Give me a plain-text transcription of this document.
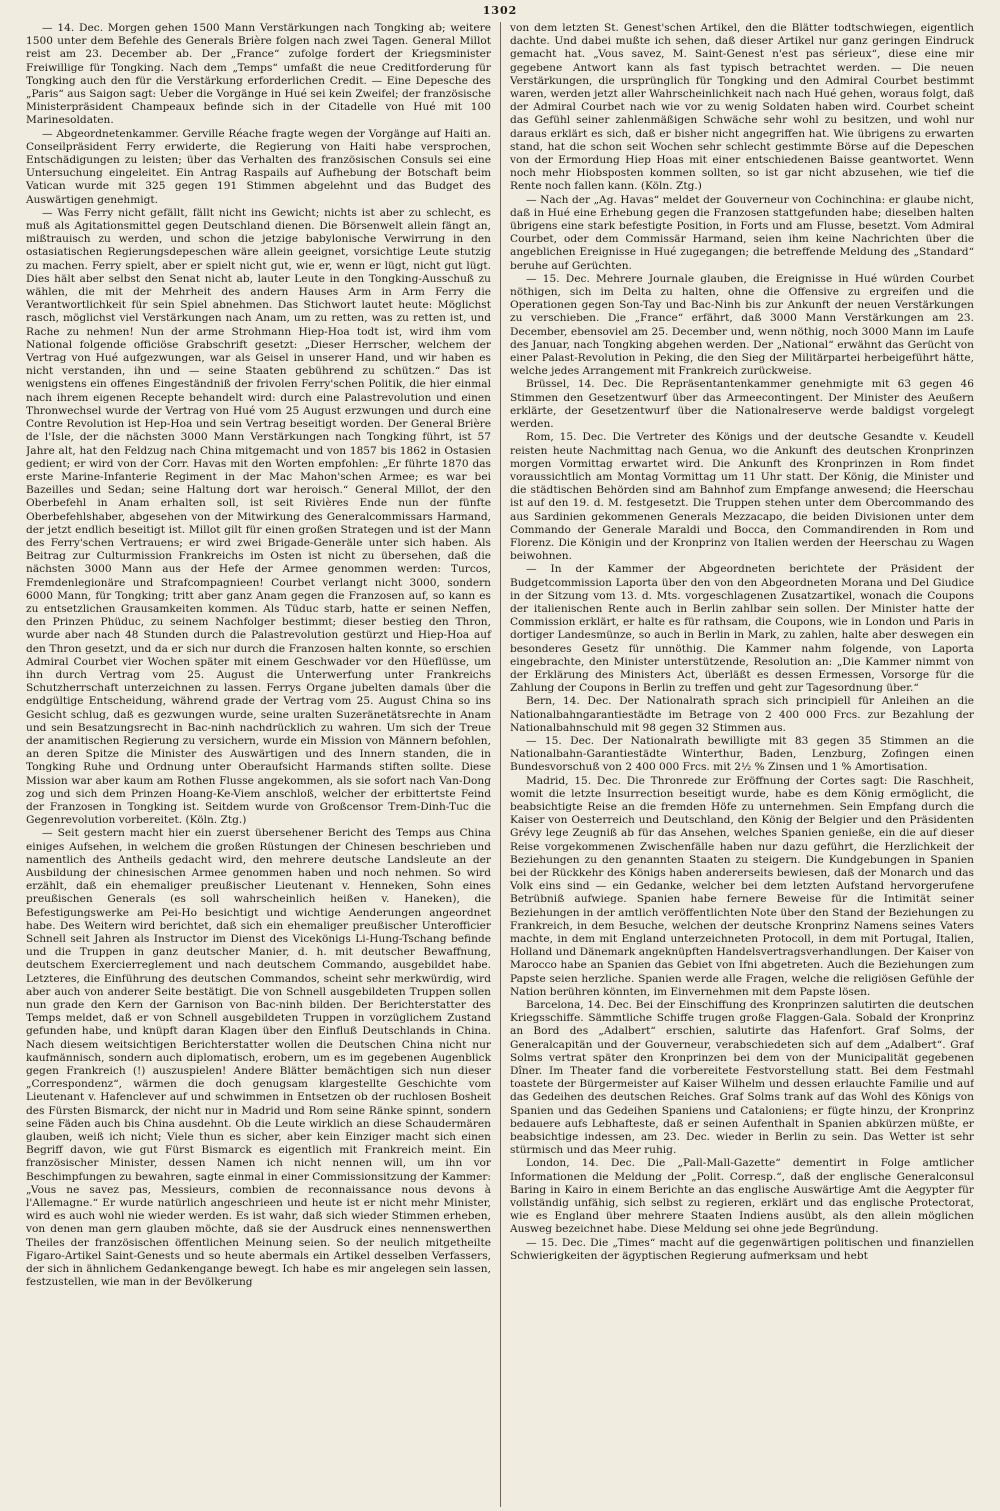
1302

— 14. Dec. Morgen gehen 1500 Mann Verstärkungen nach Tongking ab; weitere 1500 unter dem Befehle des Generals Brière folgen nach zwei Tagen. General Millot reist am 23. December ab. Der „France“ zufolge fordert der Kriegsminister Freiwillige für Tongking. Nach dem „Temps“ umfaßt die neue Creditforderung für Tongking auch den für die Verstärkung erforderlichen Credit. — Eine Depesche des „Paris“ aus Saigon sagt: Ueber die Vorgänge in Hué sei kein Zweifel; der französische Ministerpräsident Champeaux befinde sich in der Citadelle von Hué mit 100 Marinesoldaten.

— Abgeordnetenkammer. Gerville Réache fragte wegen der Vorgänge auf Haiti an. Conseilpräsident Ferry erwiderte, die Regierung von Haiti habe versprochen, Entschädigungen zu leisten; über das Verhalten des französischen Consuls sei eine Untersuchung eingeleitet. Ein Antrag Raspails auf Aufhebung der Botschaft beim Vatican wurde mit 325 gegen 191 Stimmen abgelehnt und das Budget des Auswärtigen genehmigt.

— Was Ferry nicht gefällt, fällt nicht ins Gewicht; nichts ist aber zu schlecht, es muß als Agitationsmittel gegen Deutschland dienen. Die Börsenwelt allein fängt an, mißtrauisch zu werden, und schon die jetzige babylonische Verwirrung in den ostasiatischen Regierungsdepeschen wäre allein geeignet, vorsichtige Leute stutzig zu machen. Ferry spielt, aber er spielt nicht gut, wie er, wenn er lügt, nicht gut lügt. Dies hält aber selbst den Senat nicht ab, lauter Leute in den Tongking-Ausschuß zu wählen, die mit der Mehrheit des andern Hauses Arm in Arm Ferry die Verantwortlichkeit für sein Spiel abnehmen. Das Stichwort lautet heute: Möglichst rasch, möglichst viel Verstärkungen nach Anam, um zu retten, was zu retten ist, und Rache zu nehmen! Nun der arme Strohmann Hiep-Hoa todt ist, wird ihm vom National folgende officiöse Grabschrift gesetzt: „Dieser Herrscher, welchem der Vertrag von Hué aufgezwungen, war als Geisel in unserer Hand, und wir haben es nicht verstanden, ihn und — seine Staaten gebührend zu schützen.“ Das ist wenigstens ein offenes Eingeständniß der frivolen Ferry'schen Politik, die hier einmal nach ihrem eigenen Recepte behandelt wird: durch eine Palastrevolution und einen Thronwechsel wurde der Vertrag von Hué vom 25 August erzwungen und durch eine Contre Revolution ist Hep-Hoa und sein Vertrag beseitigt worden. Der General Brière de l'Isle, der die nächsten 3000 Mann Verstärkungen nach Tongking führt, ist 57 Jahre alt, hat den Feldzug nach China mitgemacht und von 1857 bis 1862 in Ostasien gedient; er wird von der Corr. Havas mit den Worten empfohlen: „Er führte 1870 das erste Marine-Infanterie Regiment in der Mac Mahon'schen Armee; es war bei Bazeilles und Sedan; seine Haltung dort war heroisch.“ General Millot, der den Oberbefehl in Anam erhalten soll, ist seit Rivières Ende nun der fünfte Oberbefehlshaber, abgesehen von der Mitwirkung des Generalcommissars Harmand, der jetzt endlich beseitigt ist. Millot gilt für einen großen Strategen und ist der Mann des Ferry'schen Vertrauens; er wird zwei Brigade-Generäle unter sich haben. Als Beitrag zur Culturmission Frankreichs im Osten ist nicht zu übersehen, daß die nächsten 3000 Mann aus der Hefe der Armee genommen werden: Turcos, Fremdenlegionäre und Strafcompagnieen! Courbet verlangt nicht 3000, sondern 6000 Mann, für Tongking; tritt aber ganz Anam gegen die Franzosen auf, so kann es zu entsetzlichen Grausamkeiten kommen. Als Tüduc starb, hatte er seinen Neffen, den Prinzen Phüduc, zu seinem Nachfolger bestimmt; dieser bestieg den Thron, wurde aber nach 48 Stunden durch die Palastrevolution gestürzt und Hiep-Hoa auf den Thron gesetzt, und da er sich nur durch die Franzosen halten konnte, so erschien Admiral Courbet vier Wochen später mit einem Geschwader vor den Hüeflüsse, um ihn durch Vertrag vom 25. August die Unterwerfung unter Frankreichs Schutzherrschaft unterzeichnen zu lassen. Ferrys Organe jubelten damals über die endgültige Entscheidung, während grade der Vertrag vom 25. August China so ins Gesicht schlug, daß es gezwungen wurde, seine uralten Suzeränetätsrechte in Anam und sein Besatzungsrecht in Bac-ninh nachdrücklich zu wahren. Um sich der Treue der anamitischen Regierung zu versichern, wurde ein Mission von Männern befohlen, an deren Spitze die Minister des Auswärtigen und des Innern standen, die in Tongking Ruhe und Ordnung unter Oberaufsicht Harmands stiften sollte. Diese Mission war aber kaum am Rothen Flusse angekommen, als sie sofort nach Van-Dong zog und sich dem Prinzen Hoang-Ke-Viem anschloß, welcher der erbittertste Feind der Franzosen in Tongking ist. Seitdem wurde von Großcensor Trem-Dinh-Tuc die Gegenrevolution vorbereitet. (Köln. Ztg.)

— Seit gestern macht hier ein zuerst übersehener Bericht des Temps aus China einiges Aufsehen, in welchem die großen Rüstungen der Chinesen beschrieben und namentlich des Antheils gedacht wird, den mehrere deutsche Landsleute an der Ausbildung der chinesischen Armee genommen haben und noch nehmen. So wird erzählt, daß ein ehemaliger preußischer Lieutenant v. Henneken, Sohn eines preußischen Generals (es soll wahrscheinlich heißen v. Haneken), die Befestigungswerke am Pei-Ho besichtigt und wichtige Aenderungen angeordnet habe. Des Weitern wird berichtet, daß sich ein ehemaliger preußischer Unterofficier Schnell seit Jahren als Instructor im Dienst des Vicekönigs Li-Hung-Tschang befinde und die Truppen in ganz deutscher Manier, d. h. mit deutscher Bewaffnung, deutschem Exercierreglement und nach deutschem Commando, ausgebildet habe. Letzteres, die Einführung des deutschen Commandos, scheint sehr merkwürdig, wird aber auch von anderer Seite bestätigt. Die von Schnell ausgebildeten Truppen sollen nun grade den Kern der Garnison von Bac-ninh bilden. Der Berichterstatter des Temps meldet, daß er von Schnell ausgebildeten Truppen in vorzüglichem Zustand gefunden habe, und knüpft daran Klagen über den Einfluß Deutschlands in China. Nach diesem weitsichtigen Berichterstatter wollen die Deutschen China nicht nur kaufmännisch, sondern auch diplomatisch, erobern, um es im gegebenen Augenblick gegen Frankreich (!) auszuspielen! Andere Blätter bemächtigen sich nun dieser „Correspondenz“, wärmen die doch genugsam klargestellte Geschichte vom Lieutenant v. Hafenclever auf und schwimmen in Entsetzen ob der ruchlosen Bosheit des Fürsten Bismarck, der nicht nur in Madrid und Rom seine Ränke spinnt, sondern seine Fäden auch bis China ausdehnt. Ob die Leute wirklich an diese Schaudermären glauben, weiß ich nicht; Viele thun es sicher, aber kein Einziger macht sich einen Begriff davon, wie gut Fürst Bismarck es eigentlich mit Frankreich meint. Ein französischer Minister, dessen Namen ich nicht nennen will, um ihn vor Beschimpfungen zu bewahren, sagte einmal in einer Commissionsitzung der Kammer: „Vous ne savez pas, Messieurs, combien de reconnaissance nous devons à l'Allemagne.“ Er wurde natürlich angeschrieen und heute ist er nicht mehr Minister, wird es auch wohl nie wieder werden. Es ist wahr, daß sich wieder Stimmen erheben, von denen man gern glauben möchte, daß sie der Ausdruck eines nennenswerthen Theiles der französischen öffentlichen Meinung seien. So der neulich mitgetheilte Figaro-Artikel Saint-Genests und so heute abermals ein Artikel desselben Verfassers, der sich in ähnlichem Gedankengange bewegt. Ich habe es mir angelegen sein lassen, festzustellen, wie man in der Bevölkerung

von dem letzten St. Genest'schen Artikel, den die Blätter todtschwiegen, eigentlich dachte. Und dabei mußte ich sehen, daß dieser Artikel nur ganz geringen Eindruck gemacht hat. „Vous savez, M. Saint-Genest n'est pas sérieux“, diese eine mir gegebene Antwort kann als fast typisch betrachtet werden. — Die neuen Verstärkungen, die ursprünglich für Tongking und den Admiral Courbet bestimmt waren, werden jetzt aller Wahrscheinlichkeit nach nach Hué gehen, woraus folgt, daß der Admiral Courbet nach wie vor zu wenig Soldaten haben wird. Courbet scheint das Gefühl seiner zahlenmäßigen Schwäche sehr wohl zu besitzen, und wohl nur daraus erklärt es sich, daß er bisher nicht angegriffen hat. Wie übrigens zu erwarten stand, hat die schon seit Wochen sehr schlecht gestimmte Börse auf die Depeschen von der Ermordung Hiep Hoas mit einer entschiedenen Baisse geantwortet. Wenn noch mehr Hiobsposten kommen sollten, so ist gar nicht abzusehen, wie tief die Rente noch fallen kann. (Köln. Ztg.)

— Nach der „Ag. Havas“ meldet der Gouverneur von Cochinchina: er glaube nicht, daß in Hué eine Erhebung gegen die Franzosen stattgefunden habe; dieselben halten übrigens eine stark befestigte Position, in Forts und am Flusse, besetzt. Vom Admiral Courbet, oder dem Commissär Harmand, seien ihm keine Nachrichten über die angeblichen Ereignisse in Hué zugegangen; die betreffende Meldung des „Standard“ beruhe auf Gerüchten.

— 15. Dec. Mehrere Journale glauben, die Ereignisse in Hué würden Courbet nöthigen, sich im Delta zu halten, ohne die Offensive zu ergreifen und die Operationen gegen Son-Tay und Bac-Ninh bis zur Ankunft der neuen Verstärkungen zu verschieben. Die „France“ erfährt, daß 3000 Mann Verstärkungen am 23. December, ebensoviel am 25. December und, wenn nöthig, noch 3000 Mann im Laufe des Januar, nach Tongking abgehen werden. Der „National“ erwähnt das Gerücht von einer Palast-Revolution in Peking, die den Sieg der Militärpartei herbeigeführt hätte, welche jedes Arrangement mit Frankreich zurückweise.

Brüssel, 14. Dec. Die Repräsentantenkammer genehmigte mit 63 gegen 46 Stimmen den Gesetzentwurf über das Armeecontingent. Der Minister des Aeußern erklärte, der Gesetzentwurf über die Nationalreserve werde baldigst vorgelegt werden.

Rom, 15. Dec. Die Vertreter des Königs und der deutsche Gesandte v. Keudell reisten heute Nachmittag nach Genua, wo die Ankunft des deutschen Kronprinzen morgen Vormittag erwartet wird. Die Ankunft des Kronprinzen in Rom findet voraussichtlich am Montag Vormittag um 11 Uhr statt. Der König, die Minister und die städtischen Behörden sind am Bahnhof zum Empfange anwesend; die Heerschau ist auf den 19. d. M. festgesetzt. Die Truppen stehen unter dem Obercommando des aus Sardinien gekommenen Generals Mezzacapo, die beiden Divisionen unter dem Commando der Generale Maraldi und Bocca, den Commandirenden in Rom und Florenz. Die Königin und der Kronprinz von Italien werden der Heerschau zu Wagen beiwohnen.

— In der Kammer der Abgeordneten berichtete der Präsident der Budgetcommission Laporta über den von den Abgeordneten Morana und Del Giudice in der Sitzung vom 13. d. Mts. vorgeschlagenen Zusatzartikel, wonach die Coupons der italienischen Rente auch in Berlin zahlbar sein sollen. Der Minister hatte der Commission erklärt, er halte es für rathsam, die Coupons, wie in London und Paris in dortiger Landesmünze, so auch in Berlin in Mark, zu zahlen, halte aber deswegen ein besonderes Gesetz für unnöthig. Die Kammer nahm folgende, von Laporta eingebrachte, den Minister unterstützende, Resolution an: „Die Kammer nimmt von der Erklärung des Ministers Act, überläßt es dessen Ermessen, Vorsorge für die Zahlung der Coupons in Berlin zu treffen und geht zur Tagesordnung über.“

Bern, 14. Dec. Der Nationalrath sprach sich principiell für Anleihen an die Nationalbahngarantiestädte im Betrage von 2 400 000 Frcs. zur Bezahlung der Nationalbahnschuld mit 98 gegen 32 Stimmen aus.

— 15. Dec. Der Nationalrath bewilligte mit 83 gegen 35 Stimmen an die Nationalbahn-Garantiestädte Winterthur, Baden, Lenzburg, Zofingen einen Bundesvorschuß von 2 400 000 Frcs. mit 2½ % Zinsen und 1 % Amortisation.

Madrid, 15. Dec. Die Thronrede zur Eröffnung der Cortes sagt: Die Raschheit, womit die letzte Insurrection beseitigt wurde, habe es dem König ermöglicht, die beabsichtigte Reise an die fremden Höfe zu unternehmen. Sein Empfang durch die Kaiser von Oesterreich und Deutschland, den König der Belgier und den Präsidenten Grévy lege Zeugniß ab für das Ansehen, welches Spanien genieße, ein die auf dieser Reise vorgekommenen Zwischenfälle haben nur dazu geführt, die Herzlichkeit der Beziehungen zu den genannten Staaten zu steigern. Die Kundgebungen in Spanien bei der Rückkehr des Königs haben andererseits bewiesen, daß der Monarch und das Volk eins sind — ein Gedanke, welcher bei dem letzten Aufstand hervorgerufene Betrübniß aufwiege. Spanien habe fernere Beweise für die Intimität seiner Beziehungen in der amtlich veröffentlichten Note über den Stand der Beziehungen zu Frankreich, in dem Besuche, welchen der deutsche Kronprinz Namens seines Vaters machte, in dem mit England unterzeichneten Protocoll, in dem mit Portugal, Italien, Holland und Dänemark angeknüpften Handelsvertragsverhandlungen. Der Kaiser von Marocco habe an Spanien das Gebiet von Ifni abgetreten. Auch die Beziehungen zum Papste seien herzliche. Spanien werde alle Fragen, welche die religiösen Gefühle der Nation berühren könnten, im Einvernehmen mit dem Papste lösen.

Barcelona, 14. Dec. Bei der Einschiffung des Kronprinzen salutirten die deutschen Kriegsschiffe. Sämmtliche Schiffe trugen große Flaggen-Gala. Sobald der Kronprinz an Bord des „Adalbert“ erschien, salutirte das Hafenfort. Graf Solms, der Generalcapitän und der Gouverneur, verabschiedeten sich auf dem „Adalbert“. Graf Solms vertrat später den Kronprinzen bei dem von der Municipalität gegebenen Dîner. Im Theater fand die vorbereitete Festvorstellung statt. Bei dem Festmahl toastete der Bürgermeister auf Kaiser Wilhelm und dessen erlauchte Familie und auf das Gedeihen des deutschen Reiches. Graf Solms trank auf das Wohl des Königs von Spanien und das Gedeihen Spaniens und Cataloniens; er fügte hinzu, der Kronprinz bedauere aufs Lebhafteste, daß er seinen Aufenthalt in Spanien abkürzen müßte, er beabsichtige indessen, am 23. Dec. wieder in Berlin zu sein. Das Wetter ist sehr stürmisch und das Meer ruhig.

London, 14. Dec. Die „Pall-Mall-Gazette“ dementirt in Folge amtlicher Informationen die Meldung der „Polit. Corresp.“, daß der englische Generalconsul Baring in Kairo in einem Berichte an das englische Auswärtige Amt die Aegypter für vollständig unfähig, sich selbst zu regieren, erklärt und das englische Protectorat, wie es England über mehrere Staaten Indiens ausübt, als den allein möglichen Ausweg bezeichnet habe. Diese Meldung sei ohne jede Begründung.

— 15. Dec. Die „Times“ macht auf die gegenwärtigen politischen und finanziellen Schwierigkeiten der ägyptischen Regierung aufmerksam und hebt
